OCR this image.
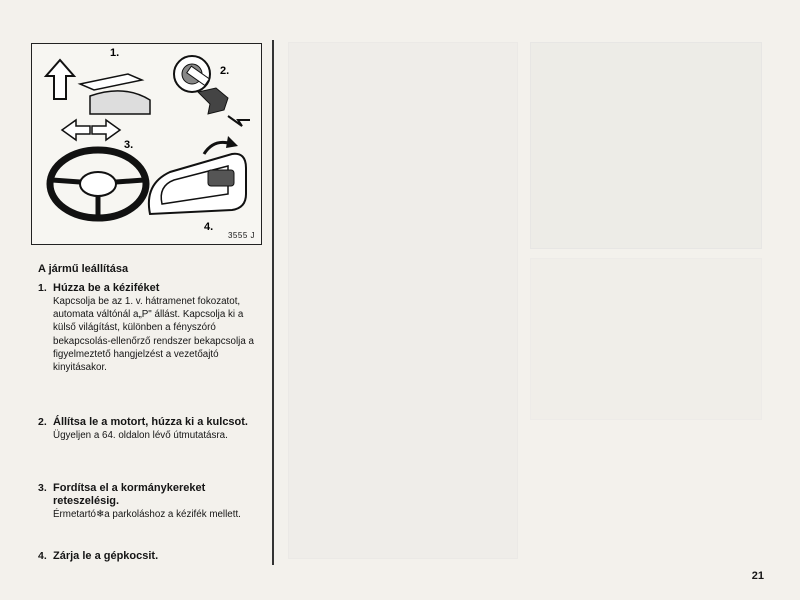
1.
2.
3.
4.
3555 J
A jármű leállítása
1. Húzza be a kéziféket
Kapcsolja be az 1. v. hátramenet fokozatot, automata váltónál a„P" állást. Kapcsolja ki a külső világítást, különben a fényszóró bekapcsolás-ellenőrző rendszer bekapcsolja a figyelmeztető hangjelzést a vezetőajtó kinyitásakor.
2. Állítsa le a motort, húzza ki a kulcsot.
Ügyeljen a 64. oldalon lévő útmutatásra.
3. Fordítsa el a kormánykereket reteszelésig.
Érmetartó❄a parkoláshoz a kézifék mellett.
4. Zárja le a gépkocsit.
21
